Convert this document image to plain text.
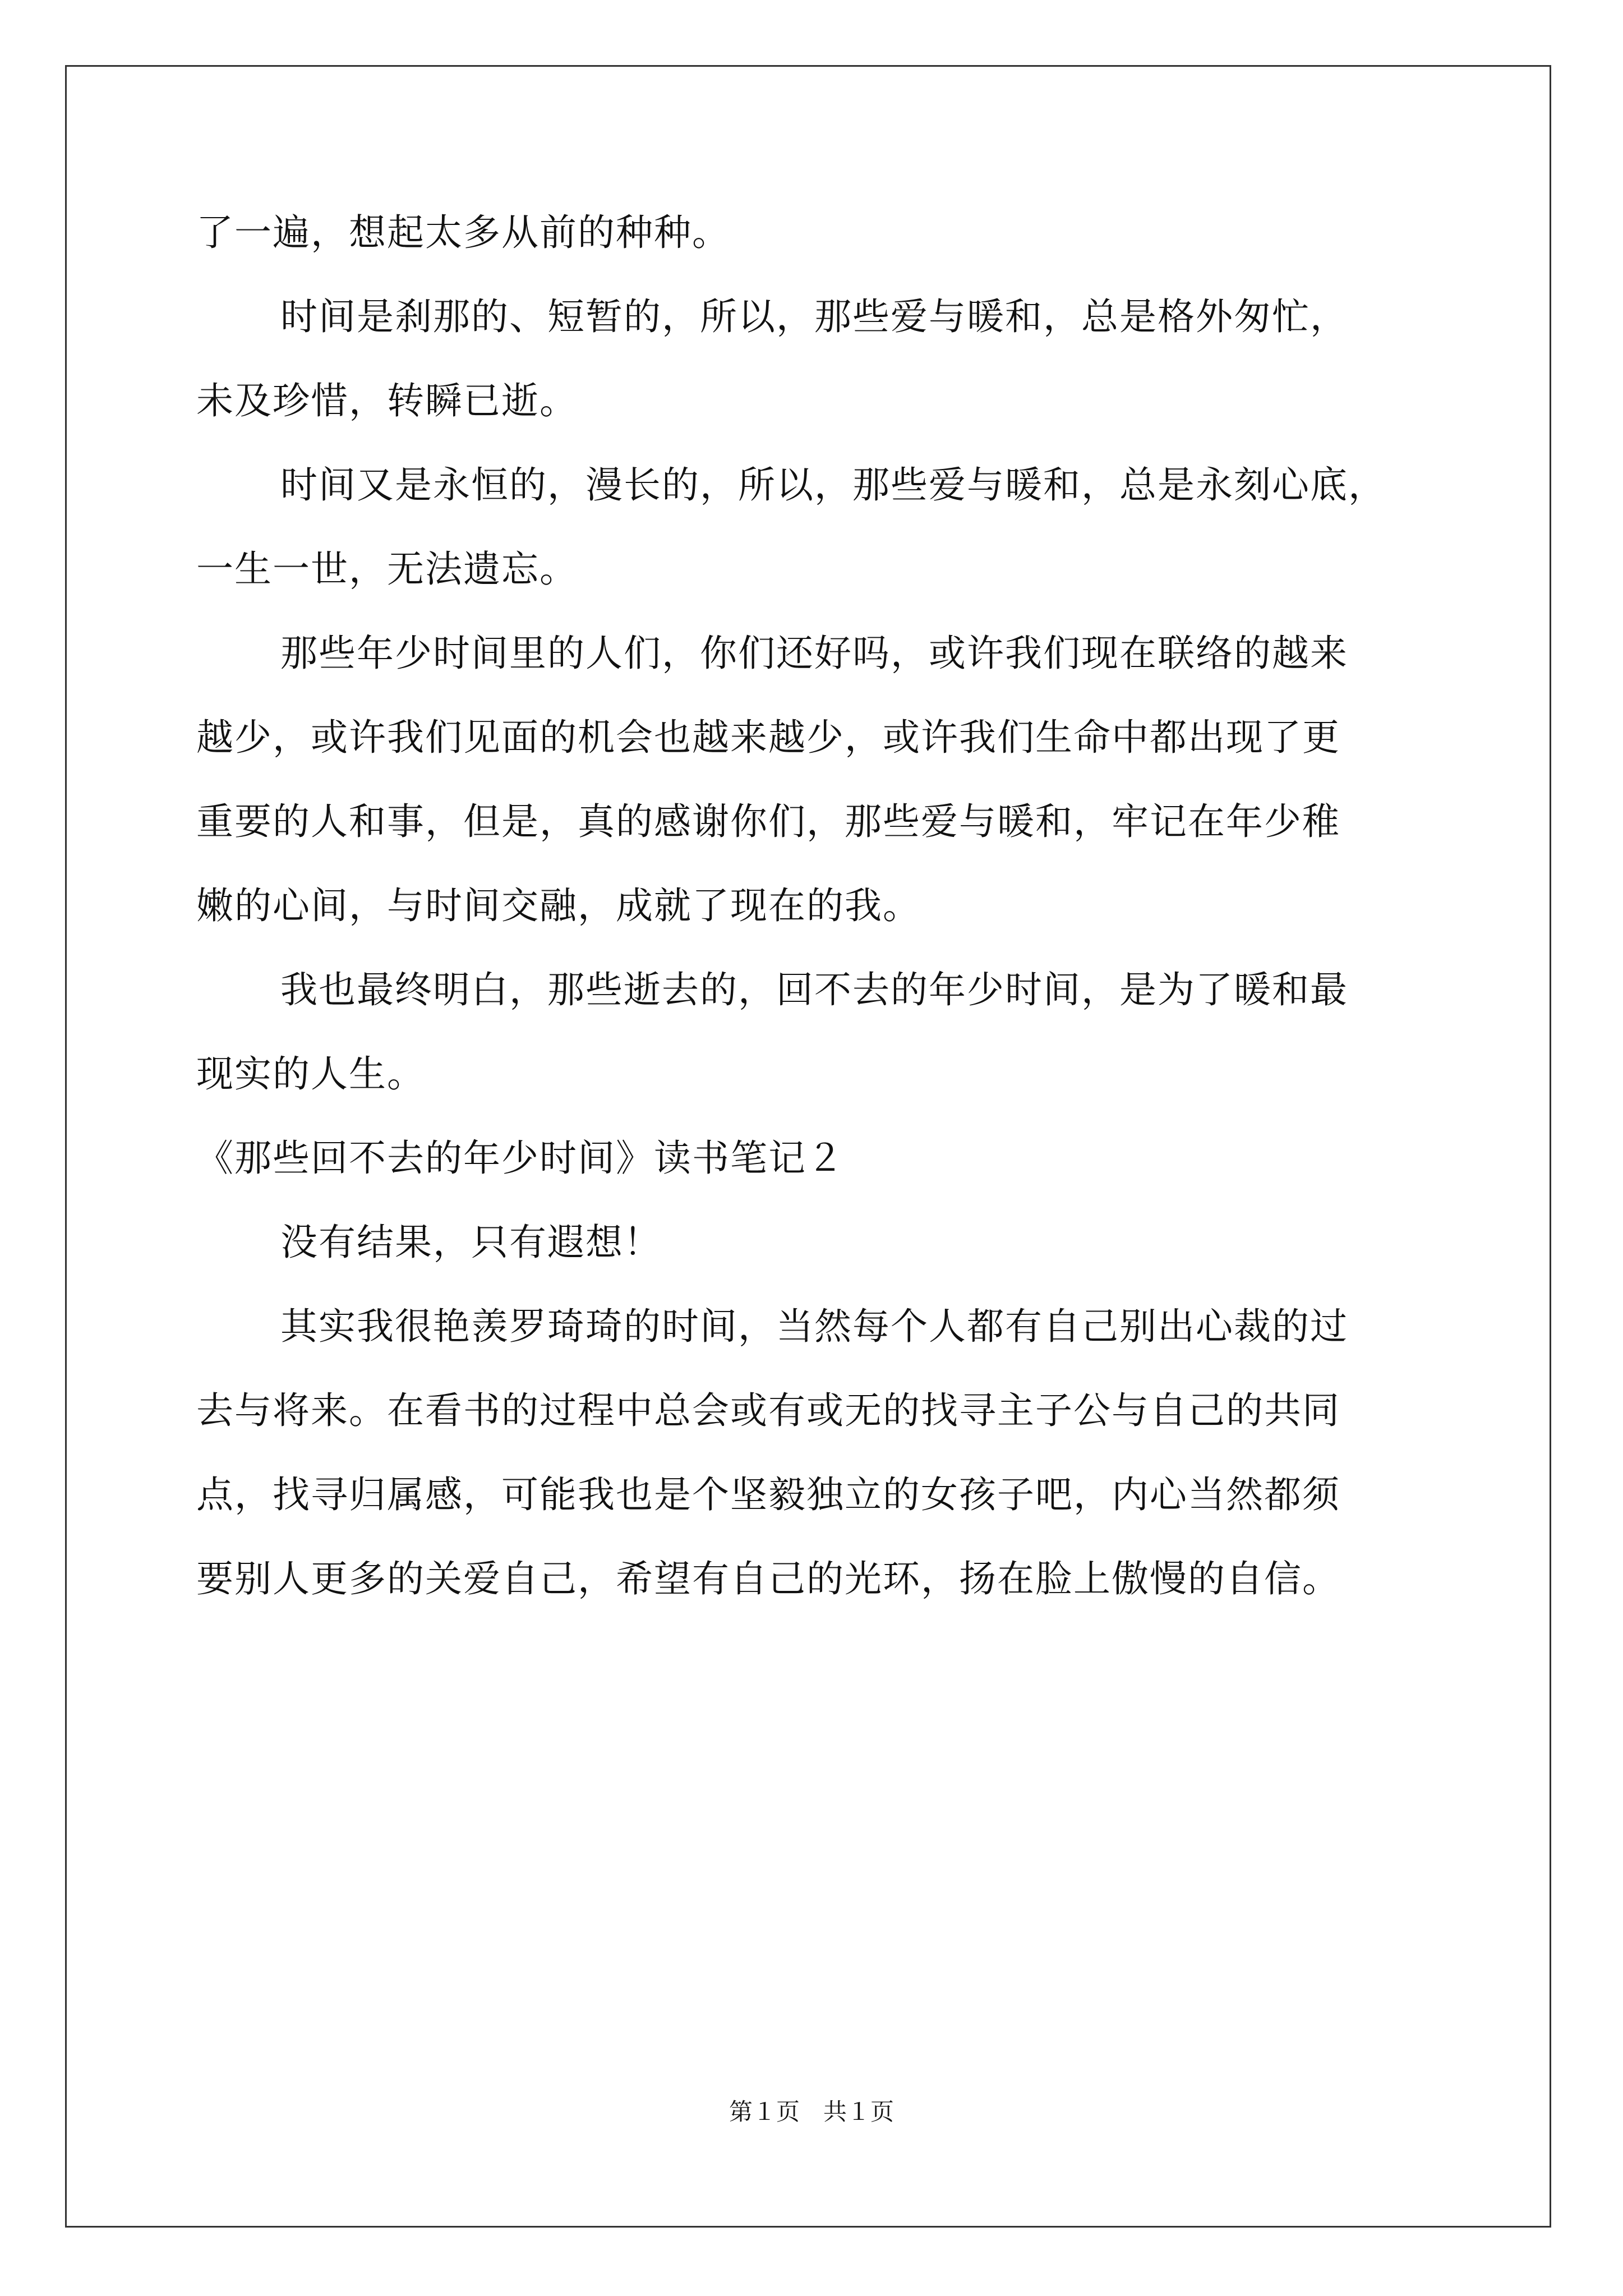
了一遍，想起太多从前的种种。
时间是刹那的、短暂的，所以，那些爱与暖和，总是格外匆忙，
未及珍惜，转瞬已逝。
时间又是永恒的，漫长的，所以，那些爱与暖和，总是永刻心底，
一生一世，无法遗忘。
那些年少时间里的人们，你们还好吗，或许我们现在联络的越来
越少，或许我们见面的机会也越来越少，或许我们生命中都出现了更
重要的人和事，但是，真的感谢你们，那些爱与暖和，牢记在年少稚
嫩的心间，与时间交融，成就了现在的我。
我也最终明白，那些逝去的，回不去的年少时间，是为了暖和最
现实的人生。
《那些回不去的年少时间》读书笔记２
没有结果，只有遐想！
其实我很艳羡罗琦琦的时间，当然每个人都有自己别出心裁的过
去与将来。在看书的过程中总会或有或无的找寻主子公与自己的共同
点，找寻归属感，可能我也是个坚毅独立的女孩子吧，内心当然都须
要别人更多的关爱自己，希望有自己的光环，扬在脸上傲慢的自信。
第１页　共１页
